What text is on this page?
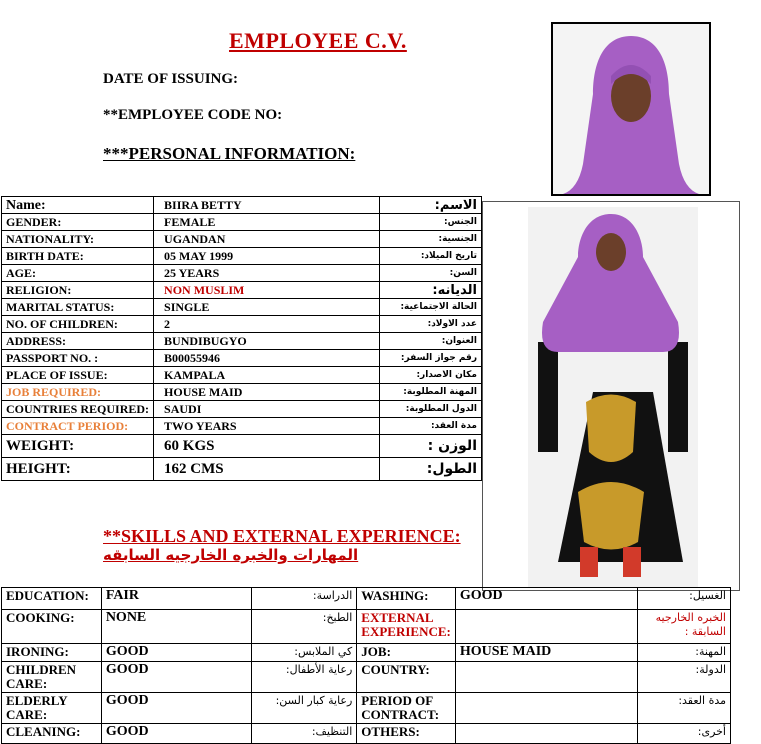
EMPLOYEE C.V.
DATE OF ISSUING:
**EMPLOYEE CODE NO:
***PERSONAL INFORMATION:
Name:	BIIRA BETTY	الاسم:
GENDER:	FEMALE	الجنس:
NATIONALITY:	UGANDAN	الجنسية:
BIRTH DATE:	05 MAY 1999	تاريخ الميلاد:
AGE:	25 YEARS	السن:
RELIGION:	NON MUSLIM	الديانه:
MARITAL STATUS:	SINGLE	الحالة الاجتماعية:
NO. OF CHILDREN:	2	عدد الاولاد:
ADDRESS:	BUNDIBUGYO	العنوان:
PASSPORT NO. :	B00055946	رقم جواز السفر:
PLACE OF ISSUE:	KAMPALA	مكان الاصدار:
JOB REQUIRED:	HOUSE MAID	المهنة المطلوبة:
COUNTRIES REQUIRED:	SAUDI	الدول المطلوبة:
CONTRACT PERIOD:	TWO YEARS	مدة العقد:
WEIGHT:	60 KGS	الوزن :
HEIGHT:	162 CMS	الطول:
**SKILLS AND EXTERNAL EXPERIENCE:
المهارات والخبره الخارجيه السابقه
EDUCATION:	FAIR	الدراسة:	WASHING:	GOOD	الغسيل:
COOKING:	NONE	الطبخ:	EXTERNAL EXPERIENCE:		الخبره الخارجيه السابقة :
IRONING:	GOOD	كي الملابس:	JOB:	HOUSE MAID	المهنة:
CHILDREN CARE:	GOOD	رعاية الأطفال:	COUNTRY:		الدولة:
ELDERLY CARE:	GOOD	رعاية كبار السن:	PERIOD OF CONTRACT:		مدة العقد:
CLEANING:	GOOD	التنظيف:	OTHERS:		أخرى:
